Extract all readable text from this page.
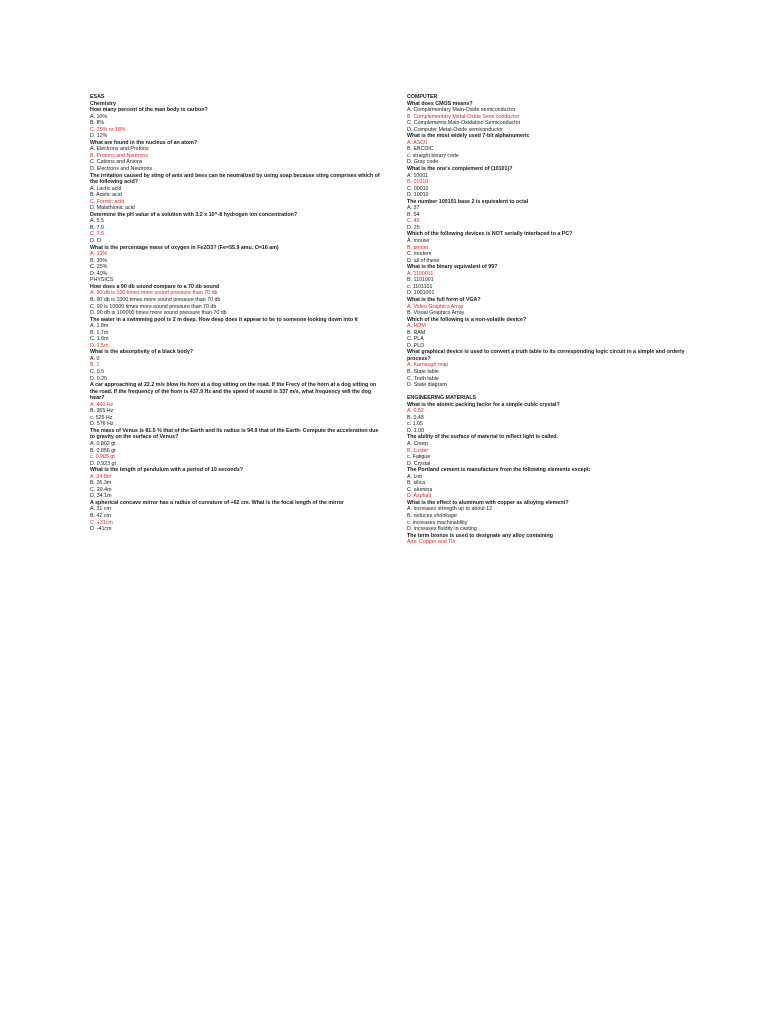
ESAS
Chemistry
How many percent of the man body is carbon?
A. 10%
B. 8%
C. 20% or 18%
D. 12%
What are found in the nucleus of an atom?
A. Electrons and Protons
B. Protons and Neutrons
C. Cations and Anions
D. Electrons and Neutrons
The irritation caused by sting of ants and bees can be neutralized by using soap because sting comprises which of the following acid?
A. Lactic acid
B. Acetic acid
C. Formic acid
D. Malathionic acid
Determine the pH value of a solution with 3.2 x 10^-8 hydrogen ion concentration?
A. 5.5
B. 7.9
C. 7.5
D. O
What is the percentage mass of oxygen in Fe2O3? (Fe=55.9 amu. O=16 am)
A. 10%
B. 30%
C. 25%
D. 40%
PHYSICS
How does a 90 db sound compare to a 70 db sound
A. 90 db is 100 times more sound pressure than 70 db
B. 90 db is 1000 times more sound pressure than 70 db
C. 90 is 10000 times more sound pressure than 70 db
D. 90 db is 100000 times more sound pressure than 70 db
The water in a swimming pool is 2 m deep. How deep does it appear to be to someone looking down into it
A. 1.8m
B. 1.7m
C. 1.6m
D. 1.5m
What is the absorptivity of a black body?
A. 0
B. 1
C. 0.5
D. 0.25
A car approaching at 22.2 m/s blow its horn at a dog sitting on the road. If the Frecy of the horn at a dog sitting on the road. If the frequency of the horn is 437.9 Hz and the speed of sound is 337 m/s, what frequency will the dog hear?
A. 460 Hz
B. 365 Hz
c. 525 Hz
D. 576 Hz
The mass of Venus is 81.5 % that of the Earth and its radius is 94.9 that of the Earth- Compute the acceleration due to gravity on the surface of Venus?
A. 0.802 gt
B. 0.856 gt
c. 0.905 gt
D. 0.923 gt
What is the length of pendulum with a period of 10 seconds?
A. 24.8m
B. 26.3m
C. 29.4m
D. 34.1m
A spherical concave mirror has a radius of curvature of +62 cm. What is the focal length of the mirror
A. 31 cm
B. 42 cm
C. +31cm
D. -41cm
COMPUTER
What does CMOS means?
A. Complementary Main-Oxide semiconductor
B. Complementary Metal-Oxide Semi conductor
C. Complements Main-Oxidation Semiconductor
D. Computer Metal-Oxide semiconductor
What is the most widely used 7-bit alphanumeric
A. ASCII
B. EBCDIC
c. straight binary code
D. Gray code
What is the one's complement of (10101)?
A. 10001
B. 01010
C. 00010
D. 10010
The number 100101 base 2 is equivalent to octal
A. 37
B. 54
C. 45
D. 25
Which of the following devices is NOT serially interfaced to a PC?
A. mouse
B. printer
C. modem
D. all of these
What is the binary equivalent of 99?
A. 1100011
B. 1101001
c. 1101101
D. 1001001
What is the full form of VGA?
A. Video Graphics Array
B. Visual Graphics Array
Which of the following is a non-volatile device?
A. ROM
B. RAM
C. PLA
D. PLD
What graphical device is used to convert a truth table to its corresponding logic circuit in a simple and orderly process?
A. Karnaugh map
B. State table
C. Truth table
D. State diagram

ENGINEERING MATERIALS
What is the atomic packing factor for a simple cubic crystal?
A. 0.52
B. 0.48
c. 1.05
D. 1.00
The ability of the surface of material to reflect light is called.
A. Creep
B. Luster
c. Fatigue
D. Crystal
The Portland cement is manufacture from the following elements except:
A. Lim
B. silica
C. alumina
D. Asphalt
What is the effect to aluminum with copper as alloying element?
A. increases strength up to about 12
B. reduces shrinkage
c. increases machinability
D. increases fluidity in casting
The term bronze is used to designate any alloy containing
Ans: Copper and Tin
